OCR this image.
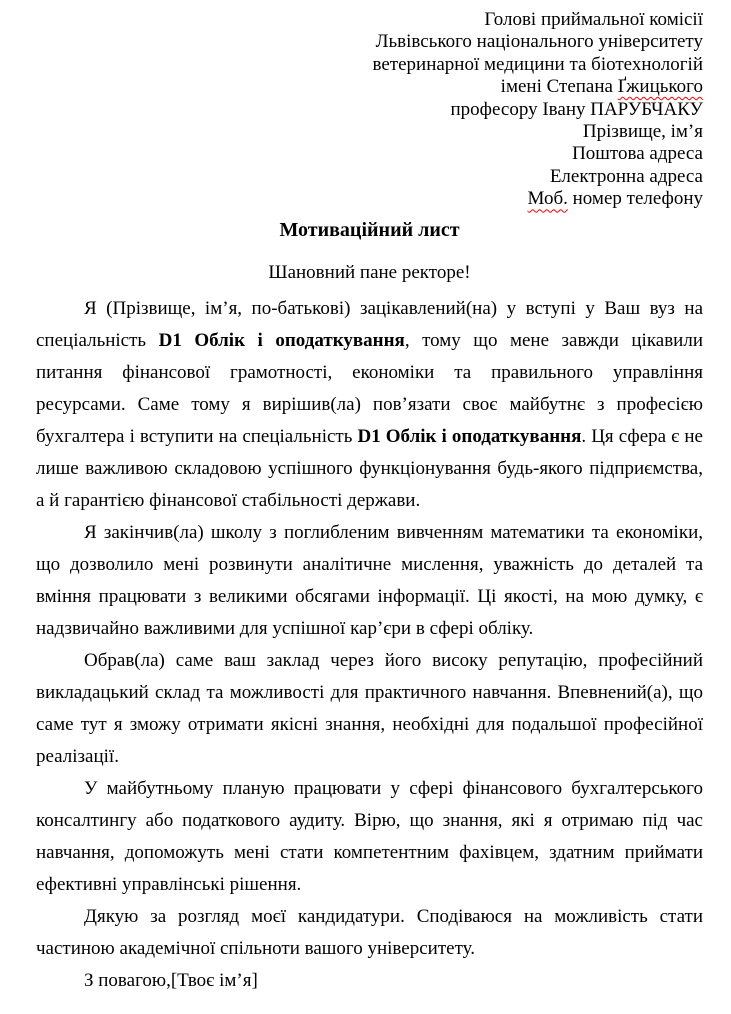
Голові приймальної комісії
Львівського національного університету
ветеринарної медицини та біотехнологій
імені Степана Ґжицького
професору Івану ПАРУБЧАКУ
Прізвище, ім’я
Поштова адреса
Електронна адреса
Моб. номер телефону
Мотиваційний лист
Шановний пане ректоре!

Я (Прізвище, ім’я, по-батькові) зацікавлений(на) у вступі у Ваш вуз на спеціальність D1 Облік і оподаткування, тому що мене завжди цікавили питання фінансової грамотності, економіки та правильного управління ресурсами. Саме тому я вирішив(ла) пов’язати своє майбутнє з професією бухгалтера і вступити на спеціальність D1 Облік і оподаткування. Ця сфера є не лише важливою складовою успішного функціонування будь-якого підприємства, а й гарантією фінансової стабільності держави.

Я закінчив(ла) школу з поглибленим вивченням математики та економіки, що дозволило мені розвинути аналітичне мислення, уважність до деталей та вміння працювати з великими обсягами інформації. Ці якості, на мою думку, є надзвичайно важливими для успішної кар’єри в сфері обліку.

Обрав(ла) саме ваш заклад через його високу репутацію, професійний викладацький склад та можливості для практичного навчання. Впевнений(а), що саме тут я зможу отримати якісні знання, необхідні для подальшої професійної реалізації.

У майбутньому планую працювати у сфері фінансового бухгалтерського консалтингу або податкового аудиту. Вірю, що знання, які я отримаю під час навчання, допоможуть мені стати компетентним фахівцем, здатним приймати ефективні управлінські рішення.

Дякую за розгляд моєї кандидатури. Сподіваюся на можливість стати частиною академічної спільноти вашого університету.

З повагою,[Твоє ім’я]
